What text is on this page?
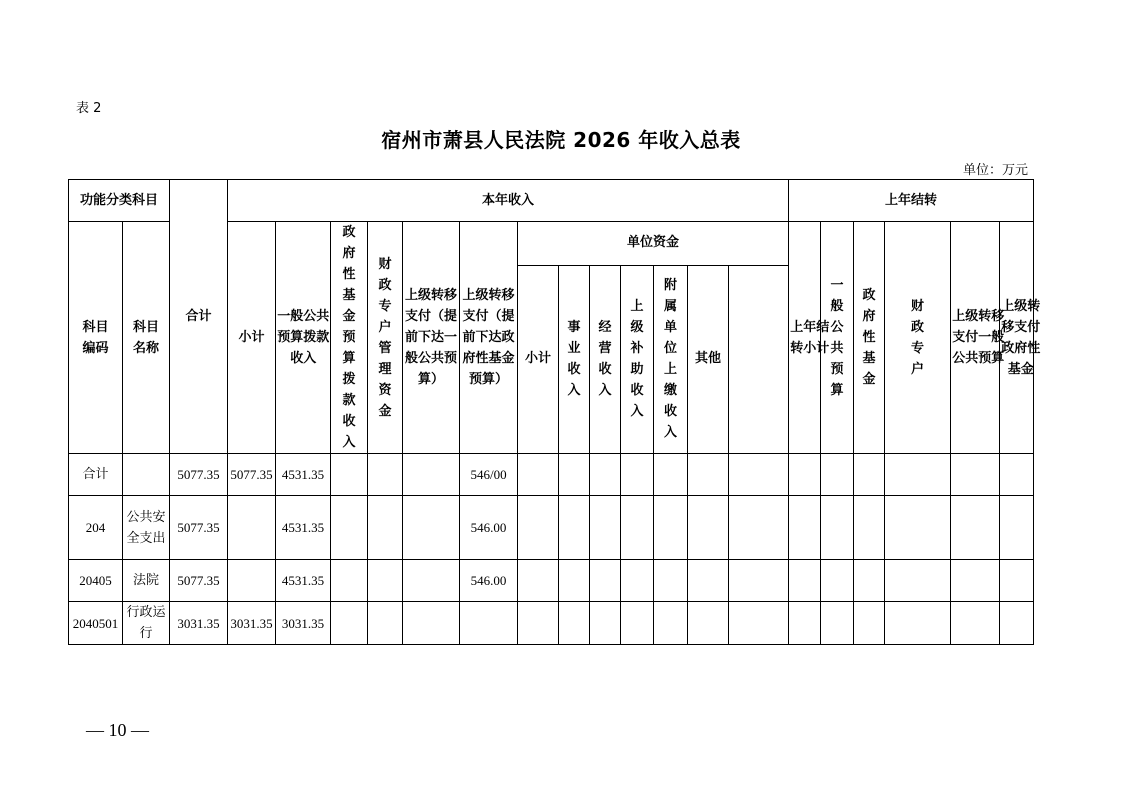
表 2
宿州市萧县人民法院 2026 年收入总表
单位：万元
功能分类科目		合计	本年收入													上年结转						
科目编码	科目名称		小计	一般公共预算拨款收入	政府性基金预算拨款收入	财政专户管理资金	上级转移支付（提前下达一般公共预算）	上级转移支付（提前下达政府性基金预算）	单位资金							上年结转小计	一般公共预算	政府性基金	财政专户	上级转移支付一般公共预算	上级转移支付政府性基金	
									小计	事业收入	经营收入	上级补助收入	附属单位上缴收入	其他								
合计		5077.35	5077.35	4531.35				546/00														
204	公共安全支出	5077.35		4531.35				546.00														
20405	法院	5077.35		4531.35				546.00														
2040501	行政运行	3031.35	3031.35	3031.35																		
— 10 —
